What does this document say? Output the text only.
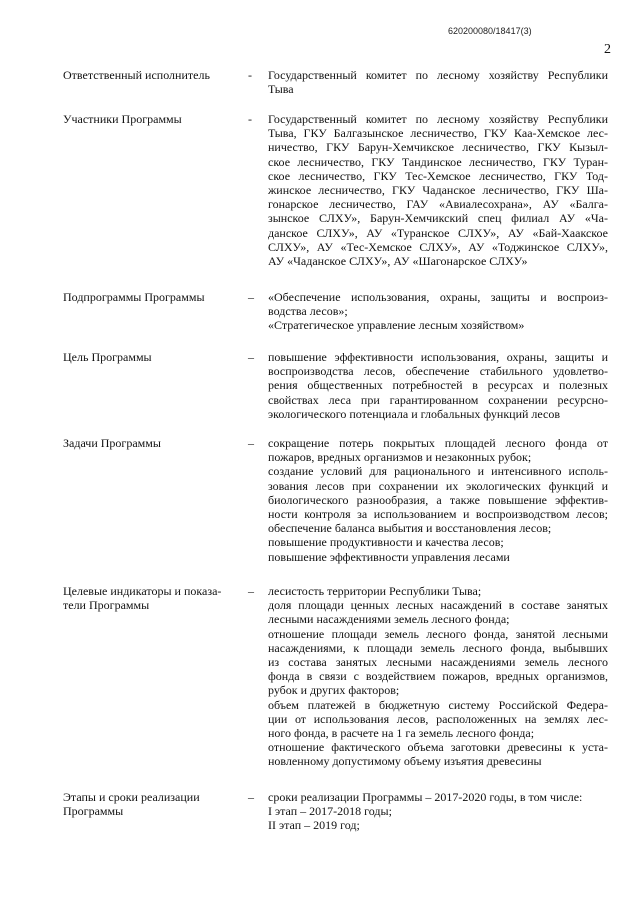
620200080/18417(3)
2
Ответственный исполнитель	- Государственный комитет по лесному хозяйству Республики
Тыва
Участники Программы	- Государственный комитет по лесному хозяйству Республики
Тыва, ГКУ Балгазынское лесничество, ГКУ Каа-Хемское лес-
ничество, ГКУ Барун-Хемчикское лесничество, ГКУ Кызыл-
ское лесничество, ГКУ Тандинское лесничество, ГКУ Туран-
ское лесничество, ГКУ Тес-Хемское лесничество, ГКУ Тод-
жинское лесничество, ГКУ Чаданское лесничество, ГКУ Ша-
гонарское лесничество, ГАУ «Авиалесохрана», АУ «Балга-
зынское СЛХУ», Барун-Хемчикский спец филиал АУ «Ча-
данское СЛХУ», АУ «Туранское СЛХУ», АУ «Бай-Хаакское
СЛХУ», АУ «Тес-Хемское СЛХУ», АУ «Тоджинское СЛХУ»,
АУ «Чаданское СЛХУ», АУ «Шагонарское СЛХУ»
Подпрограммы Программы	– «Обеспечение использования, охраны, защиты и воспроиз-
водства лесов»;
«Стратегическое управление лесным хозяйством»
Цель Программы	– повышение эффективности использования, охраны, защиты и
воспроизводства лесов, обеспечение стабильного удовлетво-
рения общественных потребностей в ресурсах и полезных
свойствах леса при гарантированном сохранении ресурсно-
экологического потенциала и глобальных функций лесов
Задачи Программы	– сокращение потерь покрытых площадей лесного фонда от
пожаров, вредных организмов и незаконных рубок;
создание условий для рационального и интенсивного исполь-
зования лесов при сохранении их экологических функций и
биологического разнообразия, а также повышение эффектив-
ности контроля за использованием и воспроизводством лесов;
обеспечение баланса выбытия и восстановления лесов;
повышение продуктивности и качества лесов;
повышение эффективности управления лесами
Целевые индикаторы и показа-
тели Программы
– лесистость территории Республики Тыва;
доля площади ценных лесных насаждений в составе занятых
лесными насаждениями земель лесного фонда;
отношение площади земель лесного фонда, занятой лесными
насаждениями, к площади земель лесного фонда, выбывших
из состава занятых лесными насаждениями земель лесного
фонда в связи с воздействием пожаров, вредных организмов,
рубок и других факторов;
объем платежей в бюджетную систему Российской Федера-
ции от использования лесов, расположенных на землях лес-
ного фонда, в расчете на 1 га земель лесного фонда;
отношение фактического объема заготовки древесины к уста-
новленному допустимому объему изъятия древесины
Этапы и сроки реализации
Программы
– сроки реализации Программы – 2017-2020 годы, в том числе:
I этап – 2017-2018 годы;
II этап – 2019 год;
